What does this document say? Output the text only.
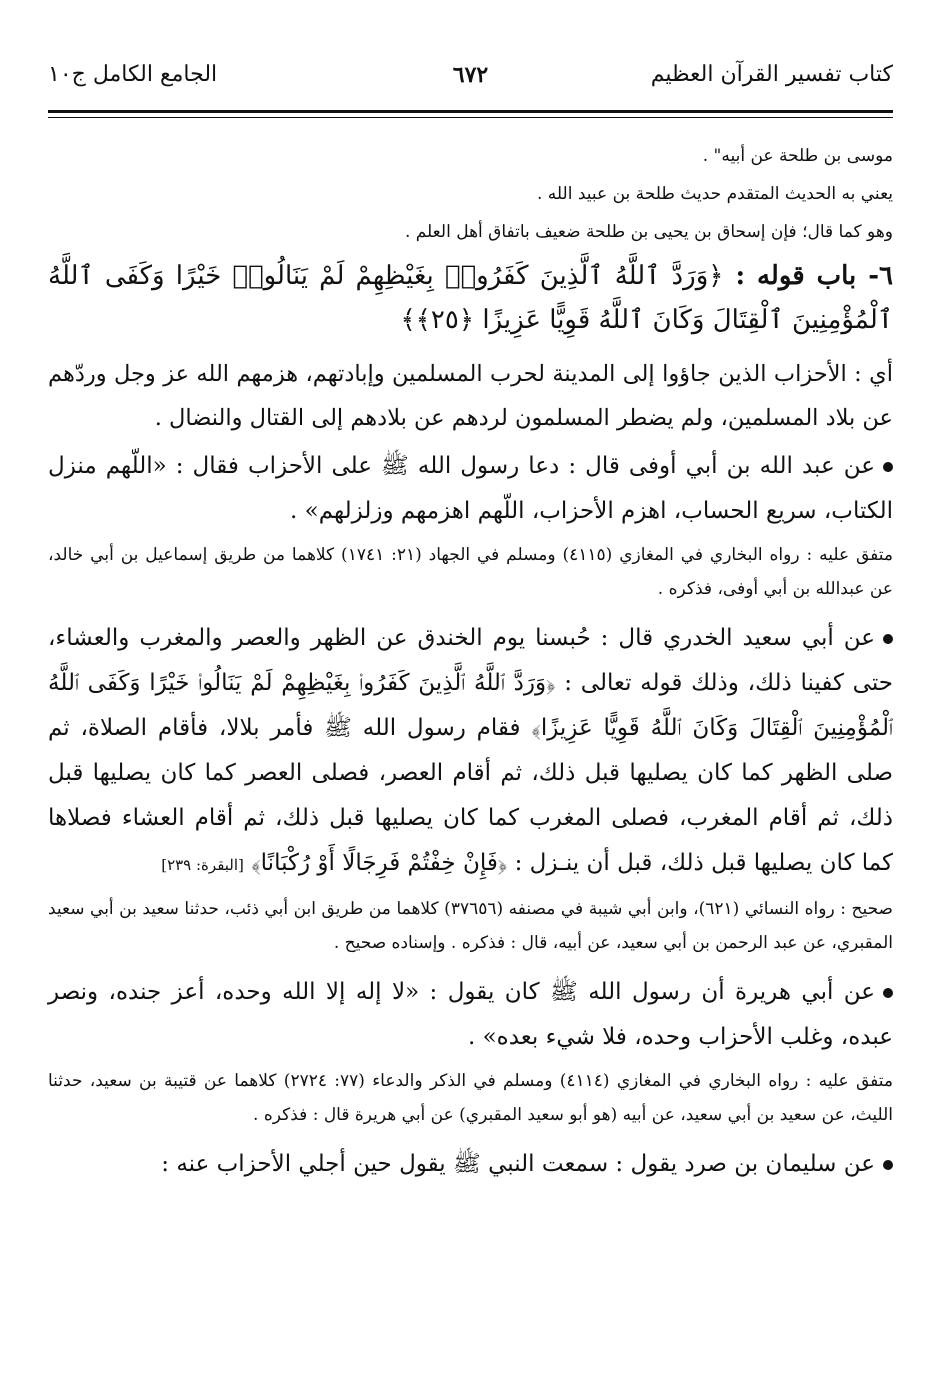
كتاب تفسير القرآن العظيم
٦٧٢
الجامع الكامل ج١٠

موسى بن طلحة عن أبيه" .

يعني به الحديث المتقدم حديث طلحة بن عبيد الله .

وهو كما قال؛ فإن إسحاق بن يحيى بن طلحة ضعيف باتفاق أهل العلم .

٦- باب قوله : ﴿وَرَدَّ ٱللَّهُ ٱلَّذِينَ كَفَرُوا۟ بِغَيْظِهِمْ لَمْ يَنَالُوا۟ خَيْرًا وَكَفَى ٱللَّهُ ٱلْمُؤْمِنِينَ ٱلْقِتَالَ وَكَانَ ٱللَّهُ قَوِيًّا عَزِيزًا ﴿٢٥﴾﴾

أي : الأحزاب الذين جاؤوا إلى المدينة لحرب المسلمين وإبادتهم، هزمهم الله عز وجل وردّهم عن بلاد المسلمين، ولم يضطر المسلمون لردهم عن بلادهم إلى القتال والنضال .

عن عبد الله بن أبي أوفى قال : دعا رسول الله ﷺ على الأحزاب فقال : «اللّهم منزل الكتاب، سريع الحساب، اهزم الأحزاب، اللّهم اهزمهم وزلزلهم» .

متفق عليه : رواه البخاري في المغازي (٤١١٥) ومسلم في الجهاد (٢١: ١٧٤١) كلاهما من طريق إسماعيل بن أبي خالد، عن عبدالله بن أبي أوفى، فذكره .

عن أبي سعيد الخدري قال : حُبسنا يوم الخندق عن الظهر والعصر والمغرب والعشاء، حتى كفينا ذلك، وذلك قوله تعالى : ﴿وَرَدَّ ٱللَّهُ ٱلَّذِينَ كَفَرُوا۟ بِغَيْظِهِمْ لَمْ يَنَالُوا۟ خَيْرًا وَكَفَى ٱللَّهُ ٱلْمُؤْمِنِينَ ٱلْقِتَالَ وَكَانَ ٱللَّهُ قَوِيًّا عَزِيزًا﴾ فقام رسول الله ﷺ فأمر بلالا، فأقام الصلاة، ثم صلى الظهر كما كان يصليها قبل ذلك، ثم أقام العصر، فصلى العصر كما كان يصليها قبل ذلك، ثم أقام المغرب، فصلى المغرب كما كان يصليها قبل ذلك، ثم أقام العشاء فصلاها كما كان يصليها قبل ذلك، قبل أن ينـزل : ﴿فَإِنْ خِفْتُمْ فَرِجَالًا أَوْ رُكْبَانًا﴾ [البقرة: ٢٣٩]

صحيح : رواه النسائي (٦٢١)، وابن أبي شيبة في مصنفه (٣٧٦٥٦) كلاهما من طريق ابن أبي ذئب، حدثنا سعيد بن أبي سعيد المقبري، عن عبد الرحمن بن أبي سعيد، عن أبيه، قال : فذكره . وإسناده صحيح .

عن أبي هريرة أن رسول الله ﷺ كان يقول : «لا إله إلا الله وحده، أعز جنده، ونصر عبده، وغلب الأحزاب وحده، فلا شيء بعده» .

متفق عليه : رواه البخاري في المغازي (٤١١٤) ومسلم في الذكر والدعاء (٧٧: ٢٧٢٤) كلاهما عن قتيبة بن سعيد، حدثنا الليث، عن سعيد بن أبي سعيد، عن أبيه (هو أبو سعيد المقبري) عن أبي هريرة قال : فذكره .

عن سليمان بن صرد يقول : سمعت النبي ﷺ يقول حين أجلي الأحزاب عنه :
